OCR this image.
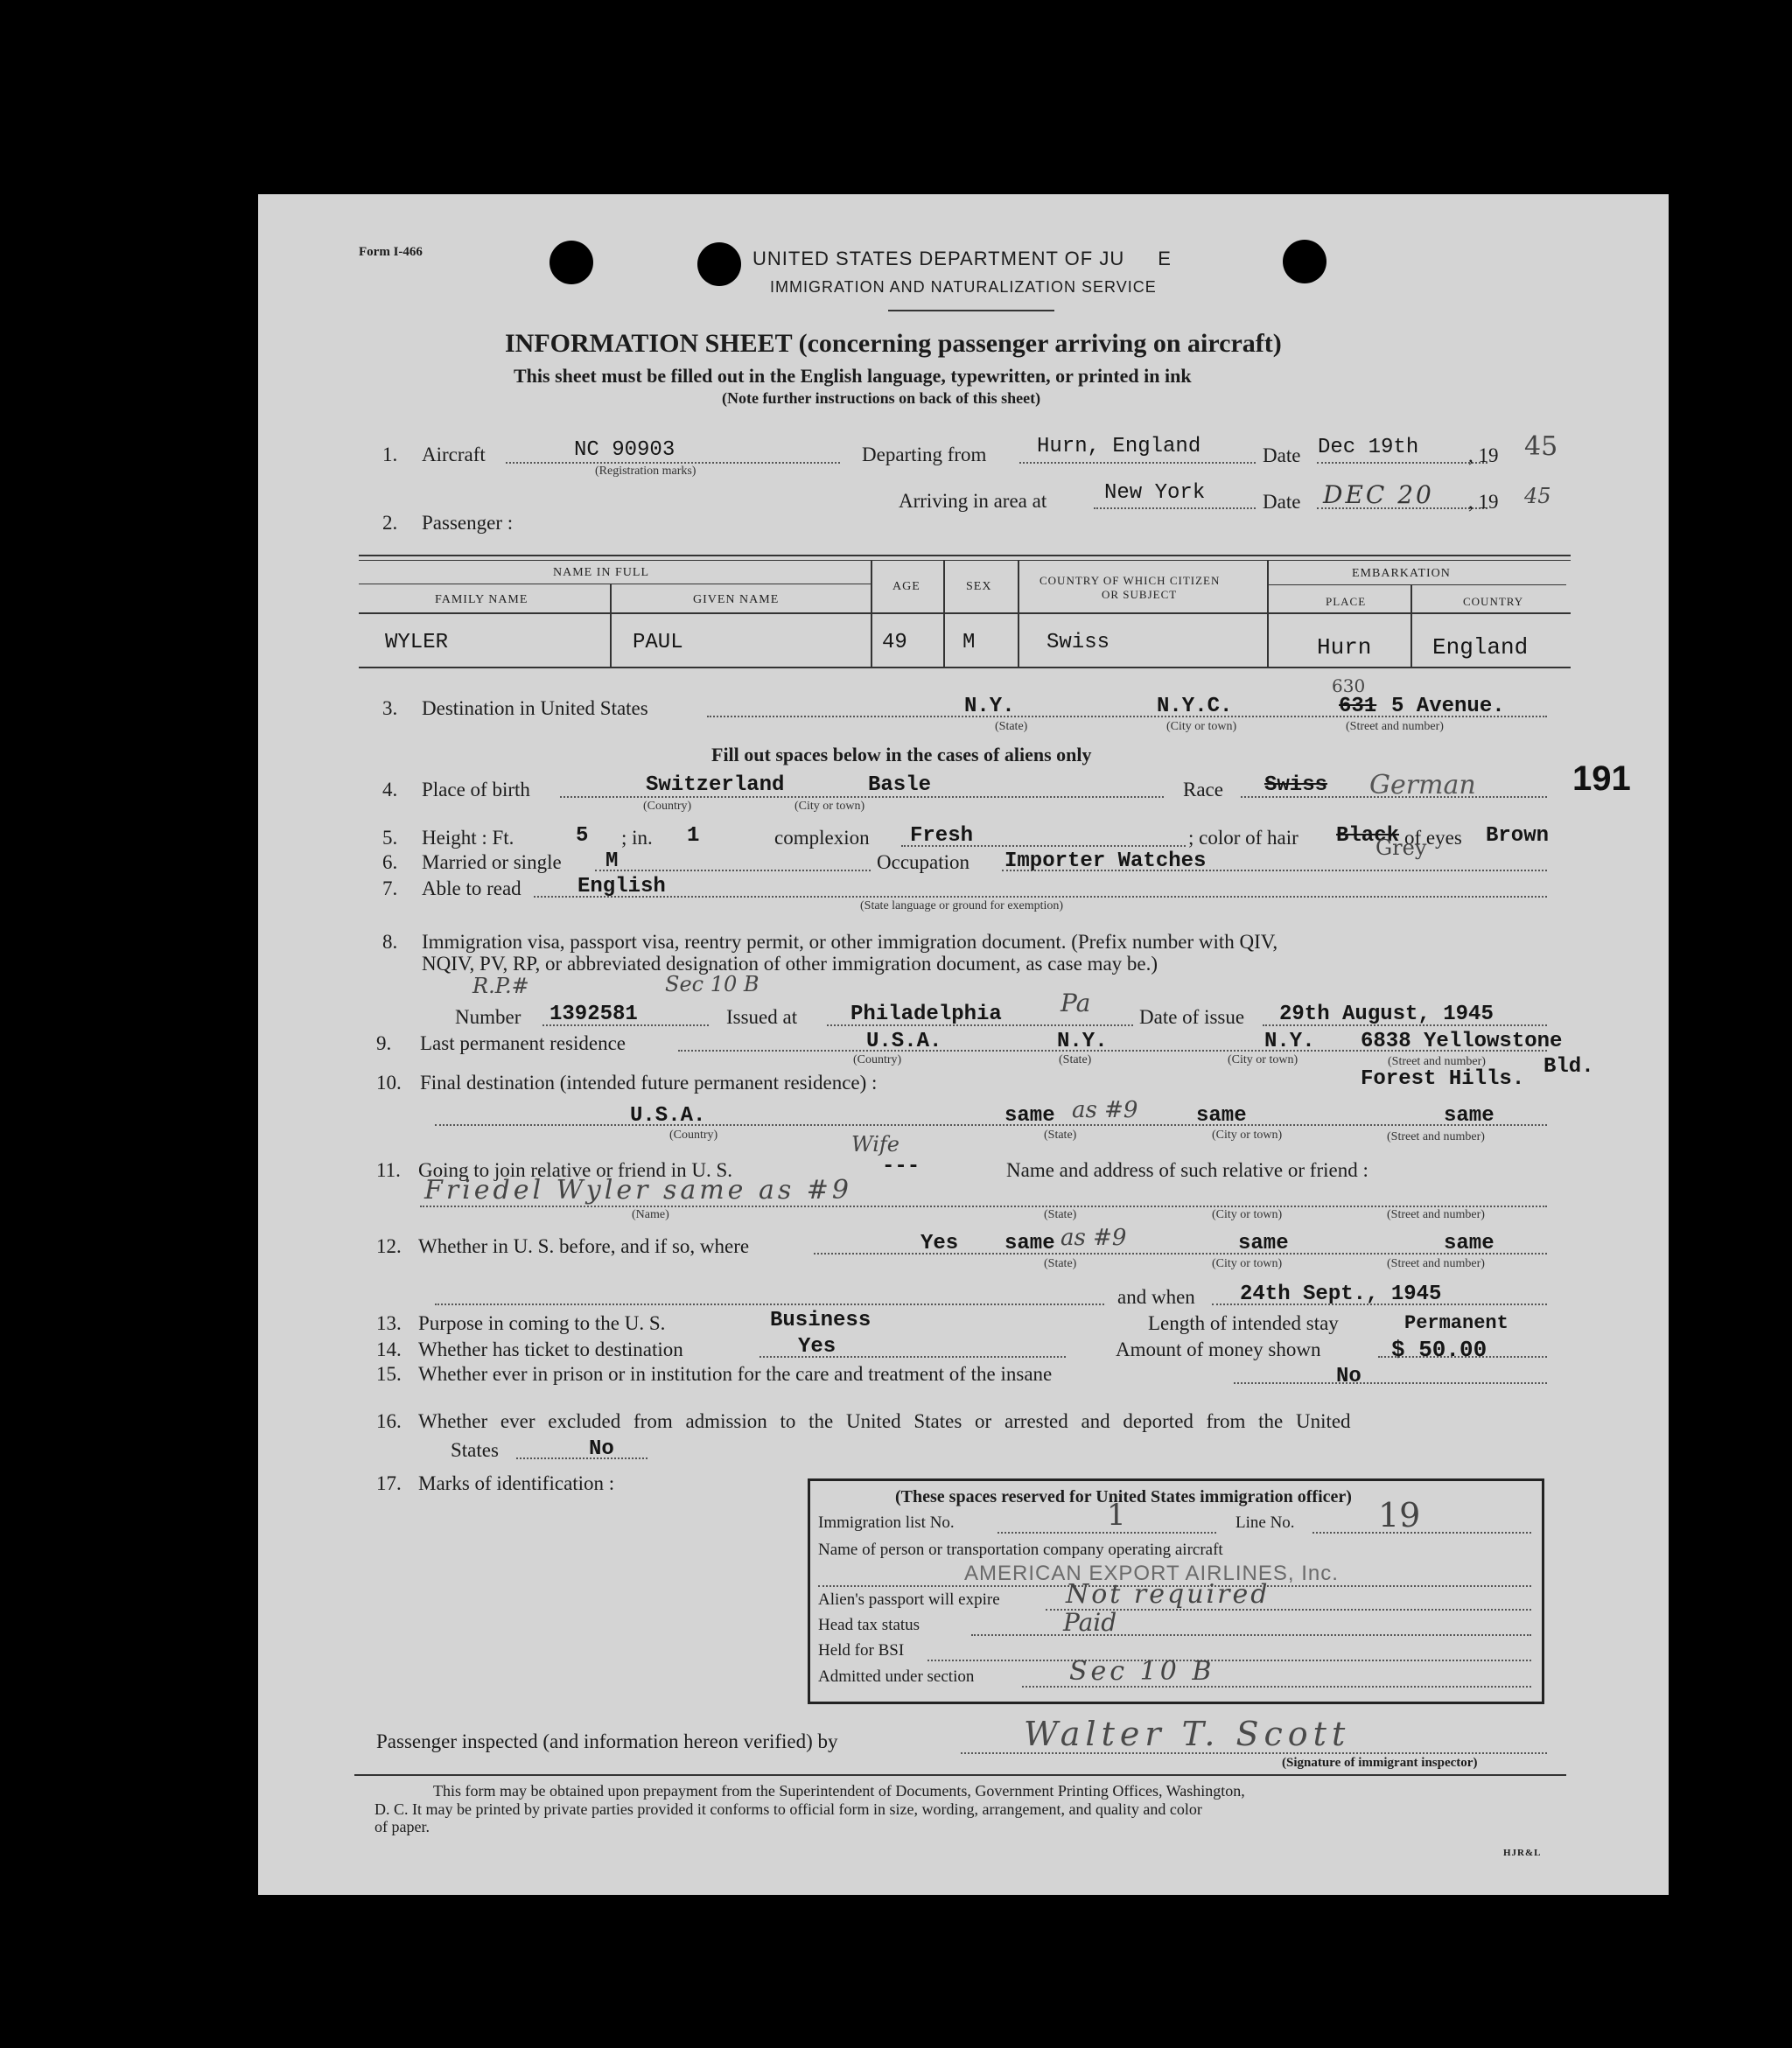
Form I-466	UNITED STATES DEPARTMENT OF JU E
IMMIGRATION AND NATURALIZATION SERVICE
INFORMATION SHEET (concerning passenger arriving on aircraft)
This sheet must be filled out in the English language, typewritten, or printed in ink
(Note further instructions on back of this sheet)
1. Aircraft	NC 90903
(Registration marks)
Departing from Hurn, England	Date Dec 19th , 19 45
Arriving in area at	New York	Date DEC 20 , 19 45
2. Passenger :
NAME IN FULL
FAMILY NAME	GIVEN NAME
AGE	SEX	COUNTRY OF WHICH CITIZEN
OR SUBJECT
EMBARKATION
PLACE	COUNTRY
WYLER	PAUL	49	M	Swiss	Hurn	England
3. Destination in United States	N.Y.	N.Y.C.
630
631 5 Avenue.
(State)	(City or town)	(Street and number)
Fill out spaces below in the cases of aliens only
4. Place of birth	Switzerland	Basle
(Country)	(City or town)
Race Swiss German	191
5. Height : Ft.	5 ; in. 1	complexion Fresh	; color of hair Black of eyes Brown
Grey
6. Married or single M	Occupation Importer Watches
7. Able to read	English
(State language or ground for exemption)
8. Immigration visa, passport visa, reentry permit, or other immigration document. (Prefix number with QIV,
NQIV, PV, RP, or abbreviated designation of other immigration document, as case may be.)
R.P.#	Sec 10 B
Number 1392581	Issued at	Philadelphia Pa Date of issue 29th August, 1945
9. Last permanent residence	U.S.A.	N.Y.	N.Y. 6838 Yellowstone
Bld.
Forest Hills.
(Country)	(State)	(City or town)	(Street and number)
10. Final destination (intended future permanent residence) :
U.S.A.	same as #9	same	same
(Country)	(State)	(City or town)	(Street and number)
11. Going to join relative or friend in U. S.	---
Wife
Name and address of such relative or friend :
Friedel Wyler same as #9
(Name)	(State)	(City or town)	(Street and number)
12. Whether in U. S. before, and if so, where	Yes same as #9	same	same
(State)	(City or town)	(Street and number)
and when 24th Sept., 1945
13. Purpose in coming to the U. S.	Business	Length of intended stay	Permanent
14. Whether has ticket to destination	Yes	Amount of money shown	$ 50.00
15. Whether ever in prison or in institution for the care and treatment of the insane	No
16. Whether ever excluded from admission to the United States or arrested and deported from the United
States	No
17. Marks of identification :
(These spaces reserved for United States immigration officer)
Immigration list No.	1	Line No.	19
Name of person or transportation company operating aircraft
AMERICAN EXPORT AIRLINES, Inc.
Alien's passport will expire	Not required
Head tax status	Paid
Held for BSI
Admitted under section	Sec 10 B
Passenger inspected (and information hereon verified) by	Walter T. Scott
(Signature of immigrant inspector)
This form may be obtained upon prepayment from the Superintendent of Documents, Government Printing Offices, Washington,
D. C. It may be printed by private parties provided it conforms to official form in size, wording, arrangement, and quality and color
of paper.
HJR&L
